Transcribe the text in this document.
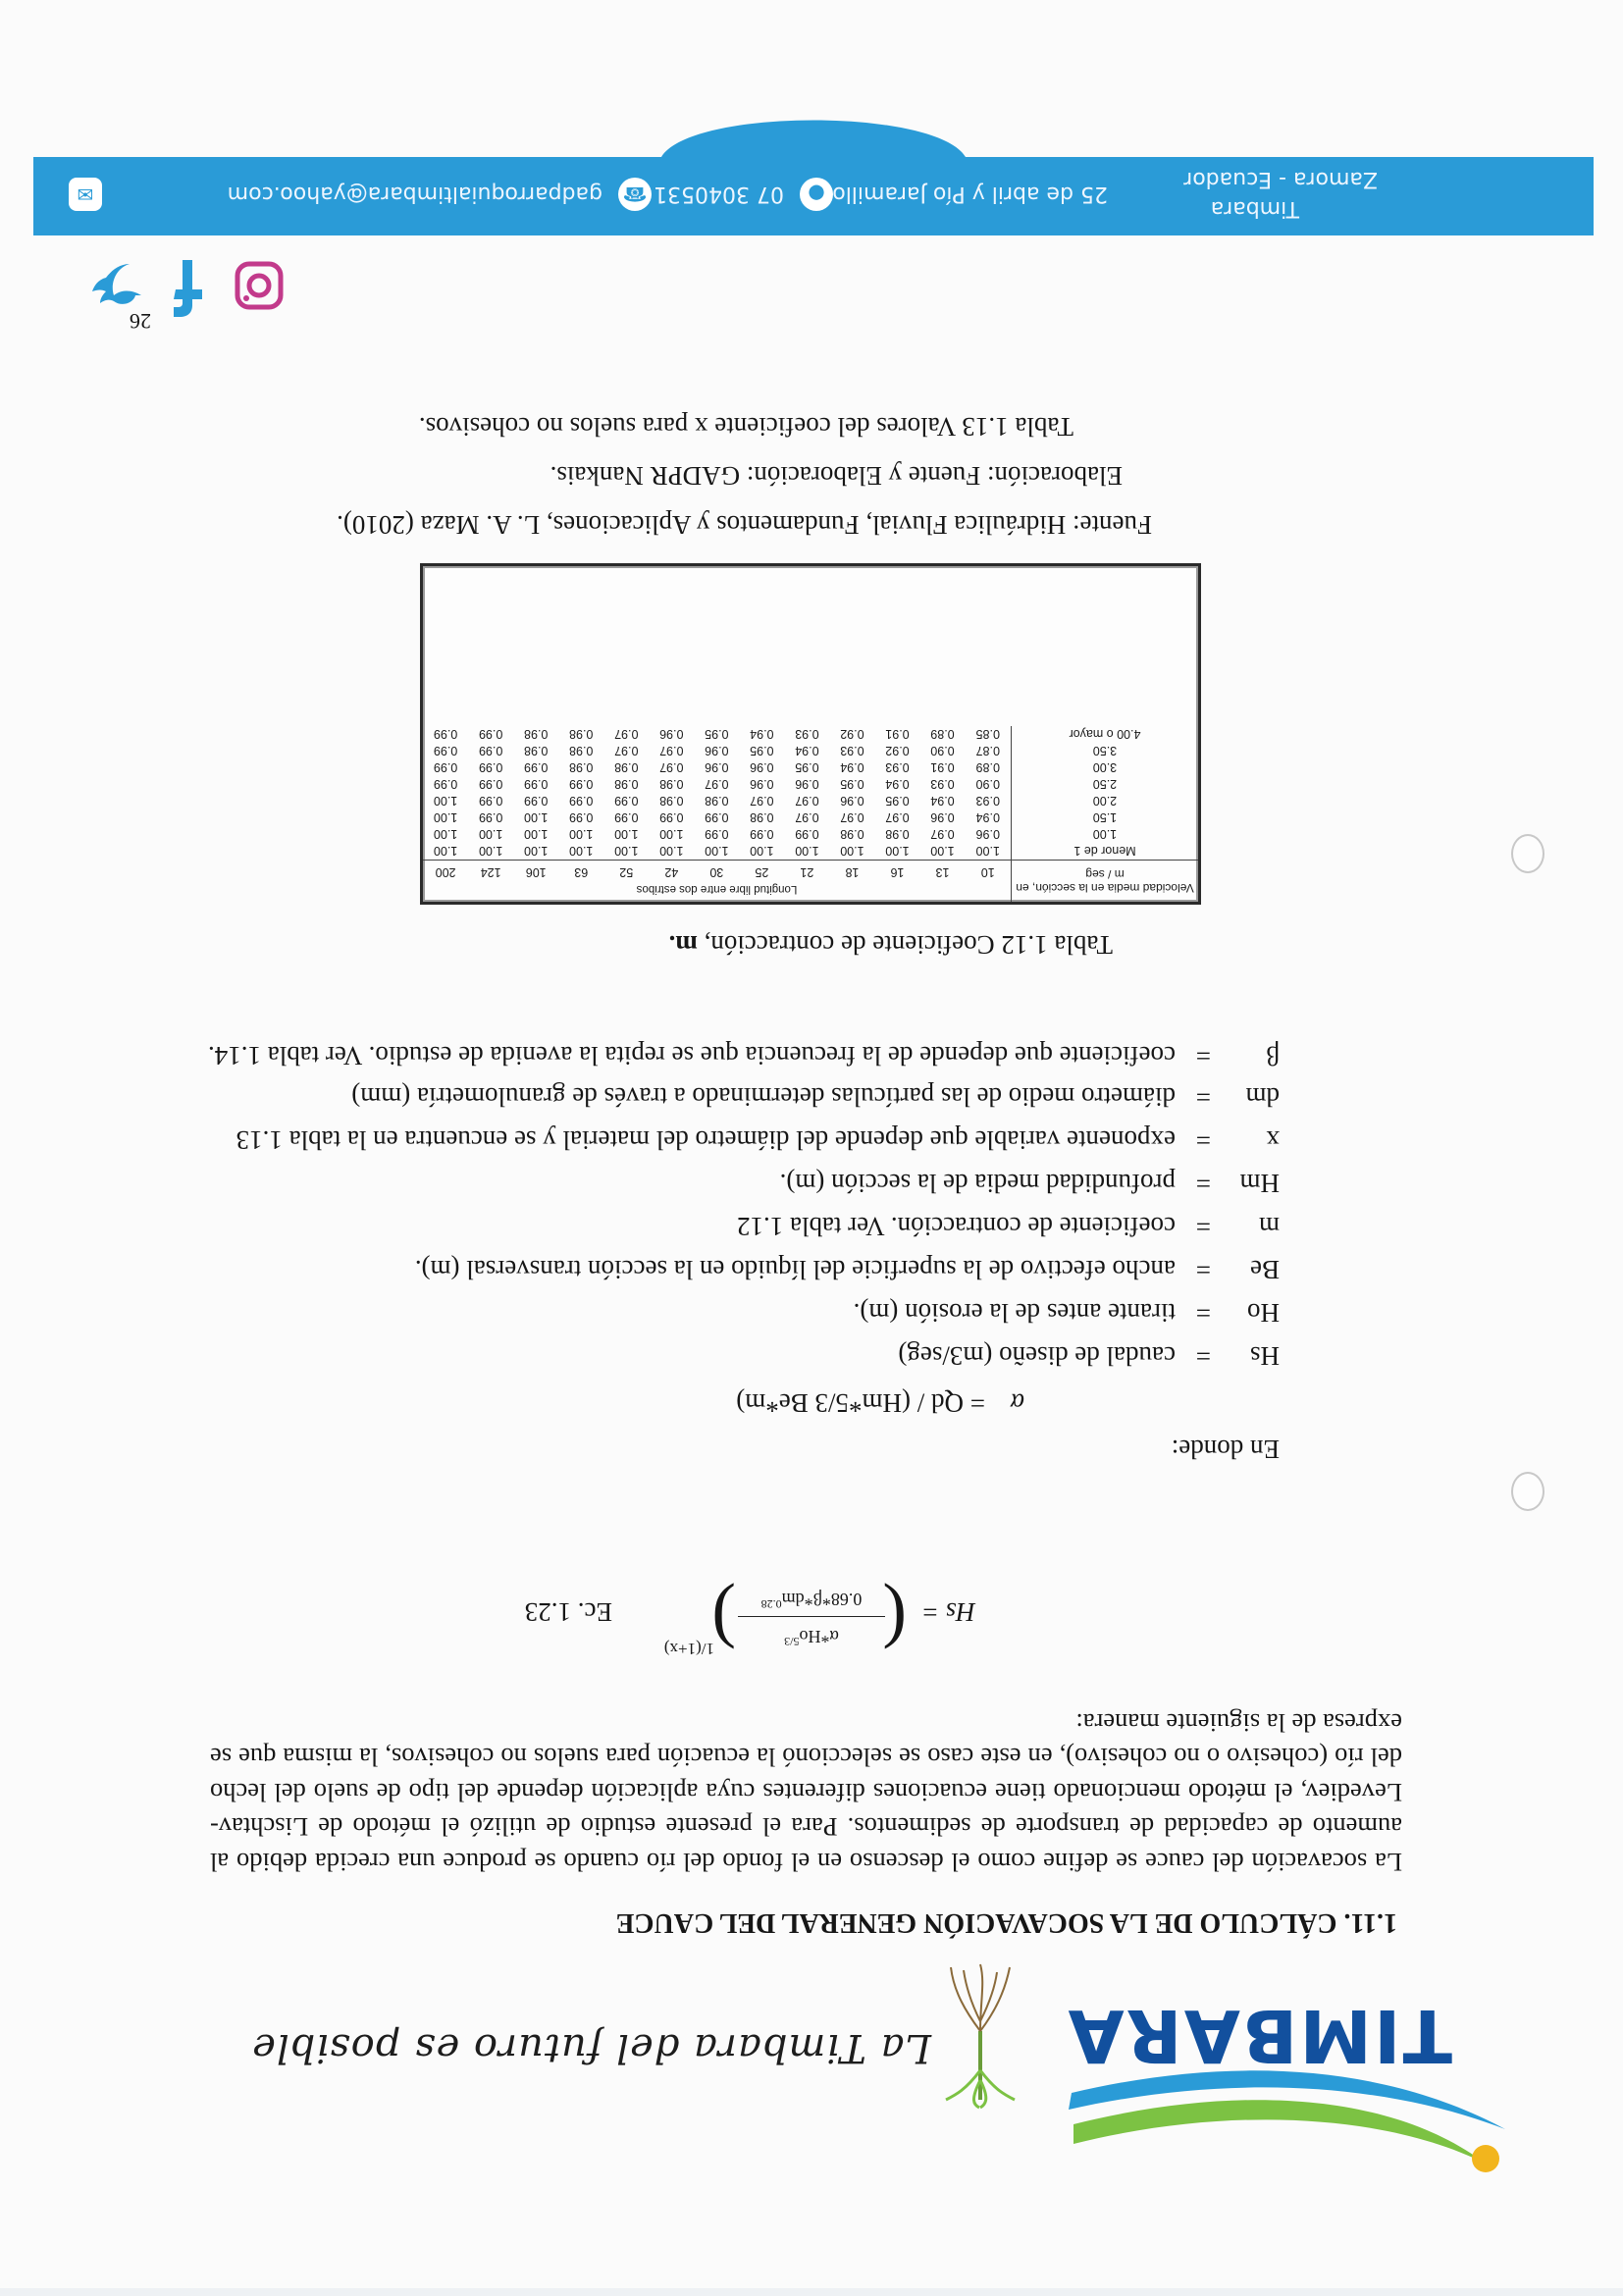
TIMBARA
La Timbara del futuro es posible
1.11. CÁLCULO DE LA SOCAVACIÓN GENERAL DEL CAUCE
La socavación del cauce se define como el descenso en el fondo del río cuando se produce una crecida debido al aumento de capacidad de transporte de sedimentos. Para el presente estudio de utilizó el método de Lischtav-Levediev, el método mencionado tiene ecuaciones diferentes cuya aplicación depende del tipo de suelo del lecho del río (cohesivo o no cohesivo), en este caso se seleccionó la ecuación para suelos no cohesivos, la misma que se expresa de la siguiente manera:
Hs =
(
$\alpha*Ho^{5/3}$
$0.68*\beta*dm^{0.28}$
)
1/(1+x)
Ec. 1.23
En donde:
α= Qd / (Hm*5/3 Be*m)
Hs=caudal de diseño (m3/seg)
Ho=tirante antes de la erosión (m).
Be=ancho efectivo de la superficie del líquido en la sección transversal (m).
m=coeficiente de contracción. Ver tabla 1.12
Hm=profundidad media de la sección (m).
x=exponente variable que depende del diámetro del material y se encuentra en la tabla 1.13
dm=diámetro medio de las partículas determinado a través de granulometría (mm)
β=coeficiente que depende de la frecuencia que se repita la avenida de estudio. Ver tabla 1.14.
Tabla 1.12 Coeficiente de contracción, m.
Velocidad media en la sección, en m / seg	Longitud libre entre dos estribos												
	10	13	16	18	21	25	30	42	52	63	106	124	200
Menor de 1	1.00	1.00	1.00	1.00	1.00	1.00	1.00	1.00	1.00	1.00	1.00	1.00	1.00
1.00	0.96	0.97	0.98	0.98	0.99	0.99	0.99	1.00	1.00	1.00	1.00	1.00	1.00
1.50	0.94	0.96	0.97	0.97	0.97	0.98	0.99	0.99	0.99	0.99	1.00	0.99	1.00
2.00	0.93	0.94	0.95	0.96	0.97	0.97	0.98	0.98	0.99	0.99	0.99	0.99	1.00
2.50	0.90	0.93	0.94	0.95	0.96	0.96	0.97	0.98	0.98	0.99	0.99	0.99	0.99
3.00	0.89	0.91	0.93	0.94	0.95	0.96	0.96	0.97	0.98	0.98	0.99	0.99	0.99
3.50	0.87	0.90	0.92	0.93	0.94	0.95	0.96	0.97	0.97	0.98	0.98	0.99	0.99
4.00 o mayor	0.85	0.89	0.91	0.92	0.93	0.94	0.95	0.96	0.97	0.98	0.98	0.99	0.99
Fuente: Hidráulica Fluvial, Fundamentos y Aplicaciones, L. A. Maza (2010).
Elaboración: Fuente y Elaboración: GADPR Nankais.
Tabla 1.13 Valores del coeficiente x para suelos no cohesivos.
26
✉	gadparroquialtimbara@yahoo.com ☎ 07 3040531	● 25 de abril y Pío Jaramillo
Timbara
Zamora - Ecuador
